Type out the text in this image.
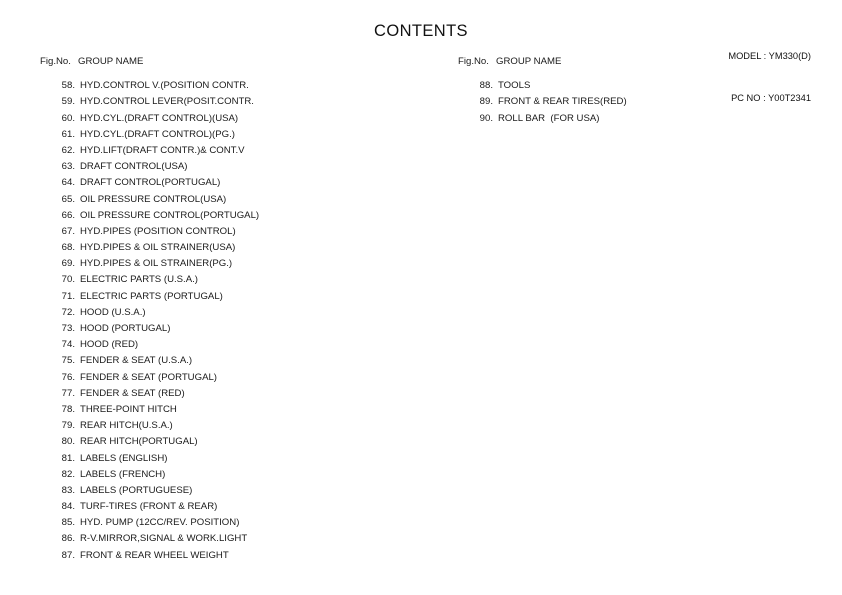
CONTENTS

MODEL : YM330(D)

PC NO : Y00T2341

Fig.No.

GROUP NAME

58. HYD.CONTROL V.(POSITION CONTR.
59. HYD.CONTROL LEVER(POSIT.CONTR.
60. HYD.CYL.(DRAFT CONTROL)(USA)
61. HYD.CYL.(DRAFT CONTROL)(PG.)
62. HYD.LIFT(DRAFT CONTR.)& CONT.V
63. DRAFT CONTROL(USA)
64. DRAFT CONTROL(PORTUGAL)
65. OIL PRESSURE CONTROL(USA)
66. OIL PRESSURE CONTROL(PORTUGAL)
67. HYD.PIPES (POSITION CONTROL)
68. HYD.PIPES & OIL STRAINER(USA)
69. HYD.PIPES & OIL STRAINER(PG.)
70. ELECTRIC PARTS (U.S.A.)
71. ELECTRIC PARTS (PORTUGAL)
72. HOOD (U.S.A.)
73. HOOD (PORTUGAL)
74. HOOD (RED)
75. FENDER & SEAT (U.S.A.)
76. FENDER & SEAT (PORTUGAL)
77. FENDER & SEAT (RED)
78. THREE-POINT HITCH
79. REAR HITCH(U.S.A.)
80. REAR HITCH(PORTUGAL)
81. LABELS (ENGLISH)
82. LABELS (FRENCH)
83. LABELS (PORTUGUESE)
84. TURF-TIRES (FRONT & REAR)
85. HYD. PUMP (12CC/REV. POSITION)
86. R-V.MIRROR,SIGNAL & WORK.LIGHT
87. FRONT & REAR WHEEL WEIGHT

Fig.No.

GROUP NAME

88. TOOLS
89. FRONT & REAR TIRES(RED)
90. ROLL BAR  (FOR USA)
